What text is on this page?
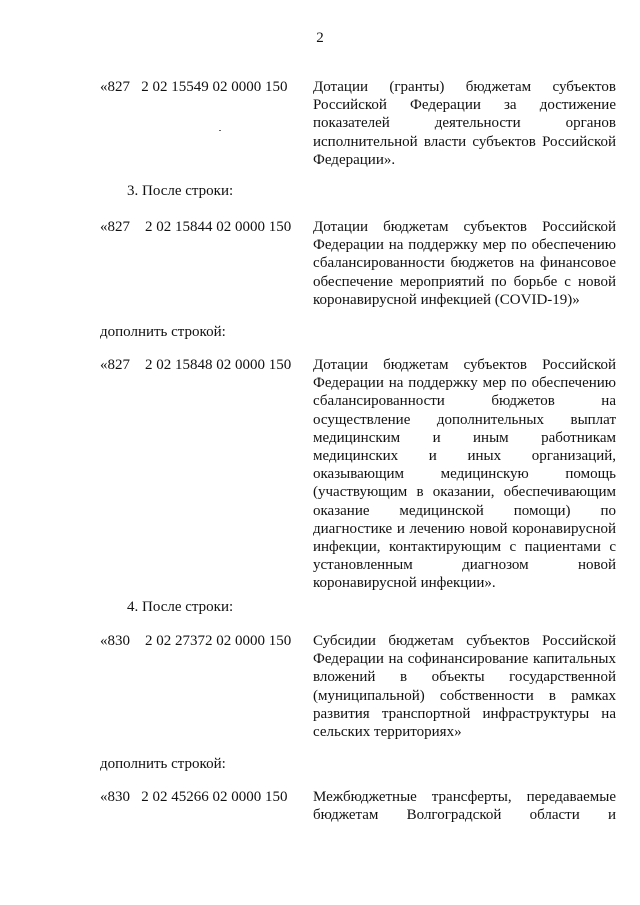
2
«827   2 02 15549 02 0000 150 Дотации (гранты) бюджетам субъектов Российской Федерации за достижение показателей деятельности органов исполнительной власти субъектов Российской Федерации».
3. После строки:
«827    2 02 15844 02 0000 150 Дотации бюджетам субъектов Российской Федерации на поддержку мер по обеспечению сбалансированности бюджетов на финансовое обеспечение мероприятий по борьбе с новой коронавирусной инфекцией (COVID-19)»
дополнить строкой:
«827    2 02 15848 02 0000 150 Дотации бюджетам субъектов Российской Федерации на поддержку мер по обеспечению сбалансированности бюджетов на осуществление дополнительных выплат медицинским и иным работникам медицинских и иных организаций, оказывающим медицинскую помощь (участвующим в оказании, обеспечивающим оказание медицинской помощи) по диагностике и лечению новой коронавирусной инфекции, контактирующим с пациентами с установленным диагнозом новой коронавирусной инфекции».
4. После строки:
«830    2 02 27372 02 0000 150 Субсидии бюджетам субъектов Российской Федерации на софинансирование капитальных вложений в объекты государственной (муниципальной) собственности в рамках развития транспортной инфраструктуры на сельских территориях»
дополнить строкой:
«830   2 02 45266 02 0000 150 Межбюджетные трансферты, передаваемые бюджетам Волгоградской области и
